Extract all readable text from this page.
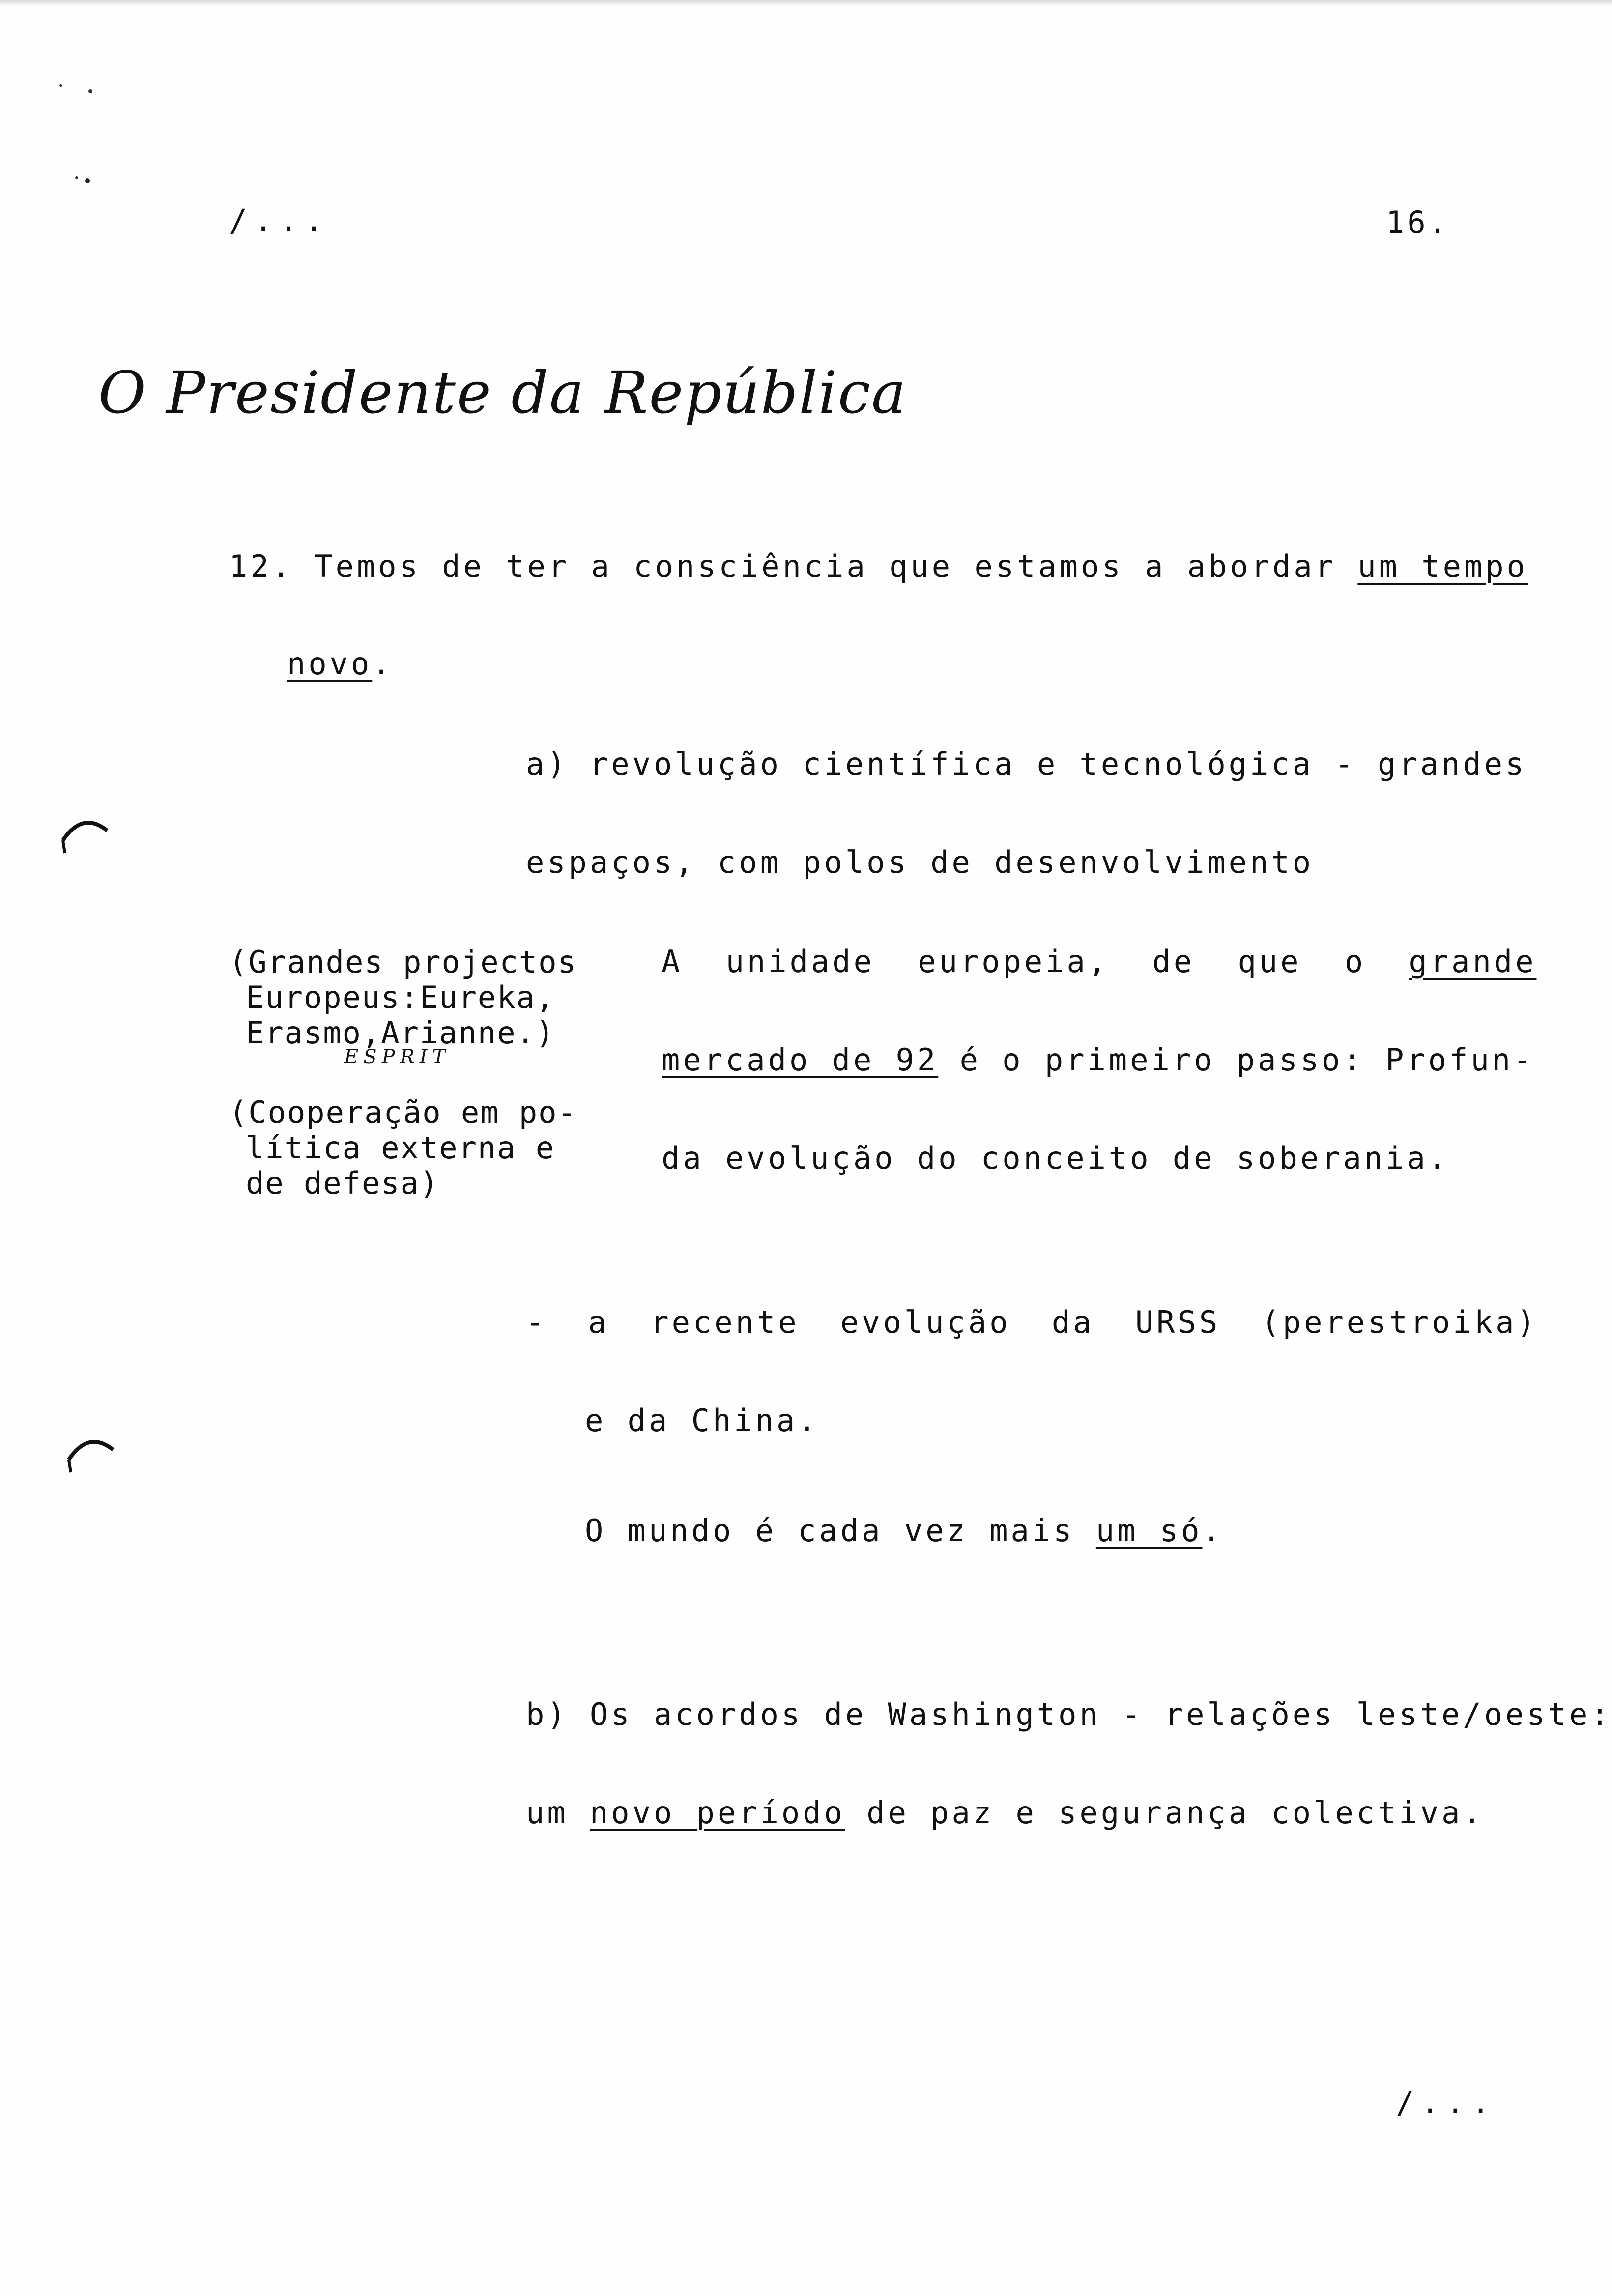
/...	16.
O Presidente da República
12. Temos de ter a consciência que estamos a abordar um tempo
novo.
a) revolução científica e tecnológica - grandes
espaços, com polos de desenvolvimento
(Grandes projectos
Europeus:Eureka,
Erasmo,Arianne.)
ESPRIT
(Cooperação em po-
lítica externa e
de defesa)
A unidade europeia, de que o grande
mercado de 92 é o primeiro passo: Profun-
da evolução do conceito de soberania.
- a recente evolução da URSS (perestroika)
e da China.
O mundo é cada vez mais um só.
b) Os acordos de Washington - relações leste/oeste:
um novo período de paz e segurança colectiva.
/...
